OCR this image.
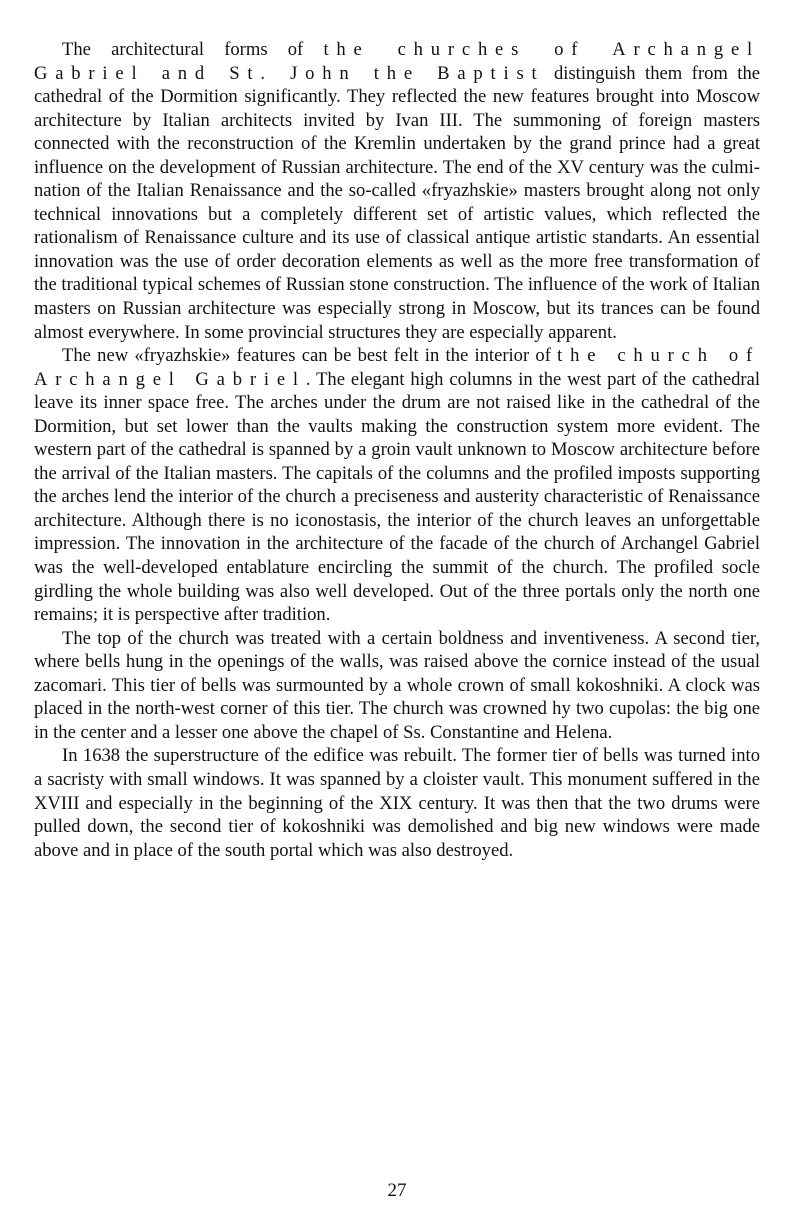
The architectural forms of the churches of Archangel Gabriel and St. John the Baptist distinguish them from the cathedral of the Dormition significantly. They reflected the new features brought into Moscow architecture by Italian architects invited by Ivan III. The summoning of foreign masters connected with the reconstruction of the Kremlin undertaken by the grand prince had a great influence on the development of Russian architecture. The end of the XV century was the culmination of the Italian Renaissance and the so-called «fryazhskie» masters brought along not only technical innovations but a completely different set of artistic values, which reflected the rationalism of Renaissance culture and its use of classical antique artistic standarts. An essential innovation was the use of order decoration elements as well as the more free transformation of the traditional typical schemes of Russian stone construction. The influence of the work of Italian masters on Russian architecture was especially strong in Moscow, but its trances can be found almost everywhere. In some provincial structures they are especially apparent.

The new «fryazhskie» features can be best felt in the interior of the church of Archangel Gabriel. The elegant high columns in the west part of the cathedral leave its inner space free. The arches under the drum are not raised like in the cathedral of the Dormition, but set lower than the vaults making the construction system more evident. The western part of the cathedral is spanned by a groin vault unknown to Moscow architecture before the arrival of the Italian masters. The capitals of the columns and the profiled imposts supporting the arches lend the interior of the church a preciseness and austerity characteristic of Renaissance architecture. Although there is no iconostasis, the interior of the church leaves an unforgettable impression. The innovation in the architecture of the facade of the church of Archangel Gabriel was the well-developed entablature encircling the summit of the church. The profiled socle girdling the whole building was also well developed. Out of the three portals only the north one remains; it is perspective after tradition.

The top of the church was treated with a certain boldness and inventiveness. A second tier, where bells hung in the openings of the walls, was raised above the cornice instead of the usual zacomari. This tier of bells was surmounted by a whole crown of small kokoshniki. A clock was placed in the north-west corner of this tier. The church was crowned hy two cupolas: the big one in the center and a lesser one above the chapel of Ss. Constantine and Helena.

In 1638 the superstructure of the edifice was rebuilt. The former tier of bells was turned into a sacristy with small windows. It was spanned by a cloister vault. This monument suffered in the XVIII and especially in the beginning of the XIX century. It was then that the two drums were pulled down, the second tier of kokoshniki was demolished and big new windows were made above and in place of the south portal which was also destroyed.

27
